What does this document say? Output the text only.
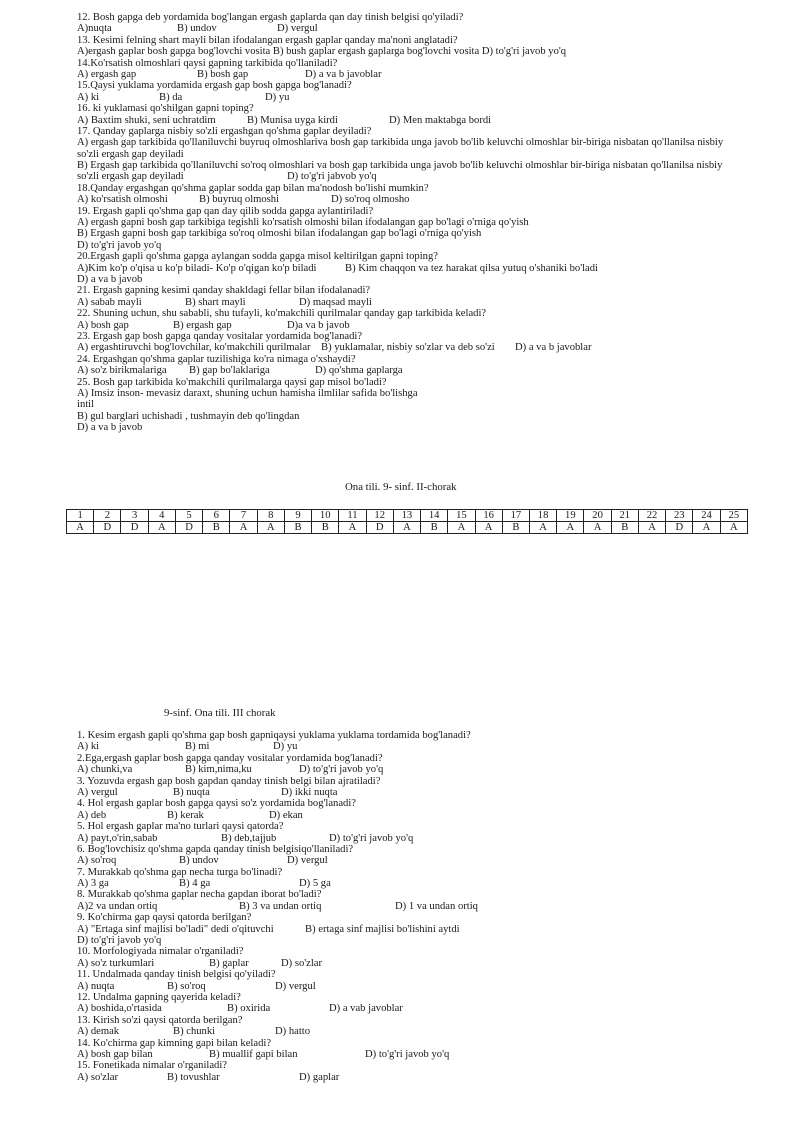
12. Bosh gapga deb yordamida bog'langan ergash gaplarda qan day tinish belgisi qo'yiladi?
A)nuqta	B) undov	D) vergul
13. Kesimi felning shart mayli bilan ifodalangan ergash gaplar qanday ma'noni anglatadi?
A)ergash gaplar bosh gapga bog'lovchi vosita B) bush gaplar ergash gaplarga bog'lovchi vosita D) to'g'ri javob yo'q
14.Ko'rsatish olmoshlari qaysi gapning tarkibida qo'llaniladi?
A) ergash gap	B) bosh gap	D) a va b javoblar
15.Qaysi yuklama yordamida ergash gap bosh gapga bog'lanadi?
A) ki	B) da	D) yu
16. ki yuklamasi qo'shilgan gapni toping?
A) Baxtim shuki, seni uchratdim	B) Munisa uyga kirdi	D) Men maktabga bordi
17. Qanday gaplarga nisbiy so'zli ergashgan qo'shma gaplar deyiladi?
A) ergash gap tarkibida qo'llaniluvchi buyruq olmoshlariva bosh gap tarkibida unga javob bo'lib keluvchi olmoshlar bir-biriga nisbatan qo'llanilsa nisbiy
so'zli ergash gap deyiladi
B) Ergash gap tarkibida qo'llaniluvchi so'roq olmoshlari va bosh gap tarkibida unga javob bo'lib keluvchi olmoshlar bir-biriga nisbatan qo'llanilsa nisbiy
so'zli ergash gap deyiladi	D) to'g'ri jabvob yo'q
18.Qanday ergashgan qo'shma gaplar sodda gap bilan ma'nodosh bo'lishi mumkin?
A) ko'rsatish olmoshi	B) buyruq olmoshi	D) so'roq olmosho
19. Ergash gapli qo'shma gap qan day qilib sodda gapga aylantiriladi?
A) ergash gapni bosh gap tarkibiga tegishli ko'rsatish olmoshi bilan ifodalangan gap bo'lagi o'rniga qo'yish
B) Ergash gapni bosh gap tarkibiga so'roq olmoshi bilan ifodalangan gap bo'lagi o'rniga qo'yish
D) to'g'ri javob yo'q
20.Ergash gapli qo'shma gapga aylangan sodda gapga misol keltirilgan gapni toping?
A)Kim ko'p o'qisa u ko'p biladi- Ko'p o'qigan ko'p biladi	B) Kim chaqqon va tez harakat qilsa yutuq o'shaniki bo'ladi
D) a va b javob
21. Ergash gapning kesimi qanday shakldagi fellar bilan ifodalanadi?
A) sabab mayli	B) shart mayli	D) maqsad mayli
22. Shuning uchun, shu sababli, shu tufayli, ko'makchili qurilmalar qanday gap tarkibida keladi?
A) bosh gap	B) ergash gap	D)a va b javob
23. Ergash gap bosh gapga qanday vositalar yordamida bog'lanadi?
A) ergashtiruvchi bog'lovchilar, ko'makchili qurilmalar B) yuklamalar, nisbiy so'zlar va deb so'zi D) a va b javoblar
24. Ergashgan qo'shma gaplar tuzilishiga ko'ra nimaga o'xshaydi?
A) so'z birikmalariga B) gap bo'laklariga	D) qo'shma gaplarga
25. Bosh gap tarkibida ko'makchili qurilmalarga qaysi gap misol bo'ladi?
A) Imsiz inson- mevasiz daraxt, shuning uchun hamisha ilmlilar safida bo'lishga
intil
B) gul barglari uchishadi , tushmayin deb qo'lingdan
D) a va b javob
Ona tili. 9- sinf. II-chorak
1	2	3	4	5	6	7	8	9	10	11	12	13	14	15	16	17	18	19	20	21	22	23	24	25
A	D	D	A	D	B	A	A	B	B	A	D	A	B	A	A	B	A	A	A	B	A	D	A	A
9-sinf. Ona tili. III chorak
1. Kesim ergash gapli qo'shma gap bosh gapniqaysi yuklama yuklama tordamida bog'lanadi?
A) ki	B) mi	D) yu
2.Ega,ergash gaplar bosh gapga qanday vositalar yordamida bog'lanadi?
A) chunki,va	B) kim,nima,ku	D) to'g'ri javob yo'q
3. Yozuvda ergash gap bosh gapdan qanday tinish belgi bilan ajratiladi?
A) vergul	B) nuqta	D) ikki nuqta
4. Hol ergash gaplar bosh gapga qaysi so'z yordamida bog'lanadi?
A) deb	B) kerak	D) ekan
5. Hol ergash gaplar ma'no turlari qaysi qatorda?
A) payt,o'rin,sabab	B) deb,tajjub	D) to'g'ri javob yo'q
6. Bog'lovchisiz qo'shma gapda qanday tinish belgisiqo'llaniladi?
A) so'roq	B) undov	D) vergul
7. Murakkab qo'shma gap necha turga bo'linadi?
A) 3 ga	B) 4 ga	D) 5 ga
8. Murakkab qo'shma gaplar necha gapdan iborat bo'ladi?
A)2 va undan ortiq	B) 3 va undan ortiq	D) 1 va undan ortiq
9. Ko'chirma gap qaysi qatorda berilgan?
A) "Ertaga sinf majlisi bo'ladi" dedi o'qituvchi	B) ertaga sinf majlisi bo'lishini aytdi
D) to'g'ri javob yo'q
10. Morfologiyada nimalar o'rganiladi?
A) so'z turkumlari	B) gaplar	D) so'zlar
11. Undalmada qanday tinish belgisi qo'yiladi?
A) nuqta	B) so'roq	D) vergul
12. Undalma gapning qayerida keladi?
A) boshida,o'rtasida	B) oxirida	D) a vab javoblar
13. Kirish so'zi qaysi qatorda berilgan?
A) demak	B) chunki	D) hatto
14. Ko'chirma gap kimning gapi bilan keladi?
A) bosh gap bilan	B) muallif gapi bilan	D) to'g'ri javob yo'q
15. Fonetikada nimalar o'rganiladi?
A) so'zlar	B) tovushlar	D) gaplar
